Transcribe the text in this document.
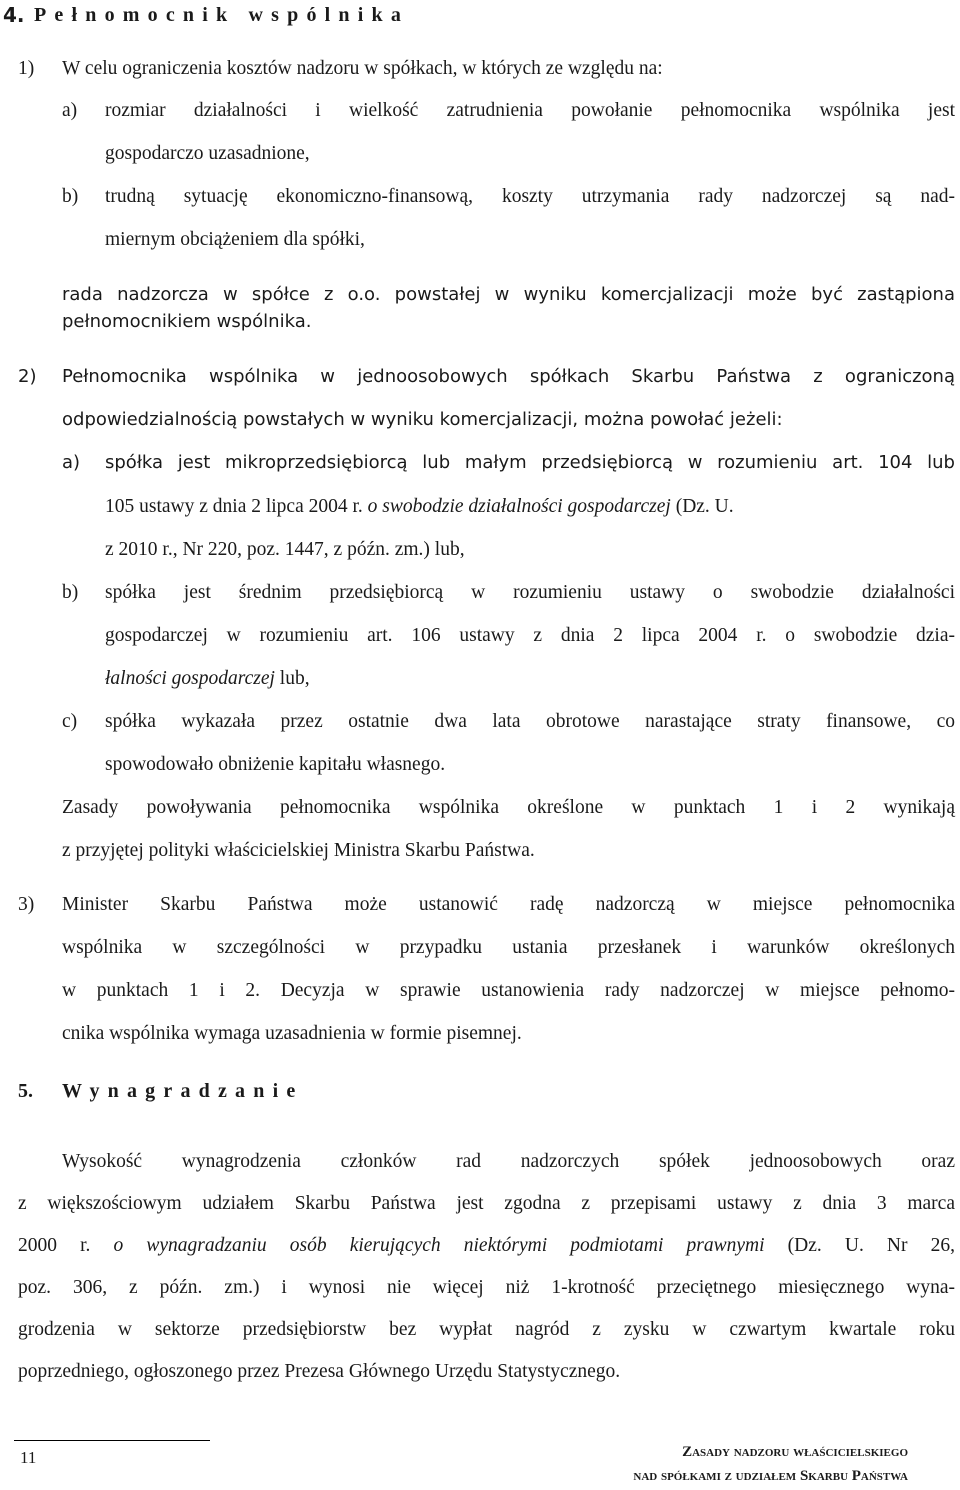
4. Pełnomocnik wspólnika
1) W celu ograniczenia kosztów nadzoru w spółkach, w których ze względu na:
a) rozmiar działalności i wielkość zatrudnienia powołanie pełnomocnika wspólnika jest
gospodarczo uzasadnione,
b) trudną sytuację ekonomiczno-finansową, koszty utrzymania rady nadzorczej są nad-
miernym obciążeniem dla spółki,
rada nadzorcza w spółce z o.o. powstałej w wyniku komercjalizacji może być zastąpiona
pełnomocnikiem wspólnika.
2) Pełnomocnika wspólnika w jednoosobowych spółkach Skarbu Państwa z ograniczoną
odpowiedzialnością powstałych w wyniku komercjalizacji, można powołać jeżeli:
a) spółka jest mikroprzedsiębiorcą lub małym przedsiębiorcą w rozumieniu art. 104 lub
105 ustawy z dnia 2 lipca 2004 r. o swobodzie działalności gospodarczej (Dz. U.
z 2010 r., Nr 220, poz. 1447, z późn. zm.) lub,
b) spółka jest średnim przedsiębiorcą w rozumieniu ustawy o swobodzie działalności
gospodarczej w rozumieniu art. 106 ustawy z dnia 2 lipca 2004 r. o swobodzie dzia-
łalności gospodarczej lub,
c) spółka wykazała przez ostatnie dwa lata obrotowe narastające straty finansowe, co
spowodowało obniżenie kapitału własnego.
Zasady powoływania pełnomocnika wspólnika określone w punktach 1 i 2 wynikają
z przyjętej polityki właścicielskiej Ministra Skarbu Państwa.
3) Minister Skarbu Państwa może ustanowić radę nadzorczą w miejsce pełnomocnika
wspólnika w szczególności w przypadku ustania przesłanek i warunków określonych
w punktach 1 i 2. Decyzja w sprawie ustanowienia rady nadzorczej w miejsce pełnomo-
cnika wspólnika wymaga uzasadnienia w formie pisemnej.
5. Wynagradzanie
Wysokość wynagrodzenia członków rad nadzorczych spółek jednoosobowych oraz
z większościowym udziałem Skarbu Państwa jest zgodna z przepisami ustawy z dnia 3 marca
2000 r. o wynagradzaniu osób kierujących niektórymi podmiotami prawnymi (Dz. U. Nr 26,
poz. 306, z późn. zm.) i wynosi nie więcej niż 1-krotność przeciętnego miesięcznego wyna-
grodzenia w sektorze przedsiębiorstw bez wypłat nagród z zysku w czwartym kwartale roku
poprzedniego, ogłoszonego przez Prezesa Głównego Urzędu Statystycznego.
11	Zasady nadzoru właścicielskiego
nad spółkami z udziałem Skarbu Państwa
